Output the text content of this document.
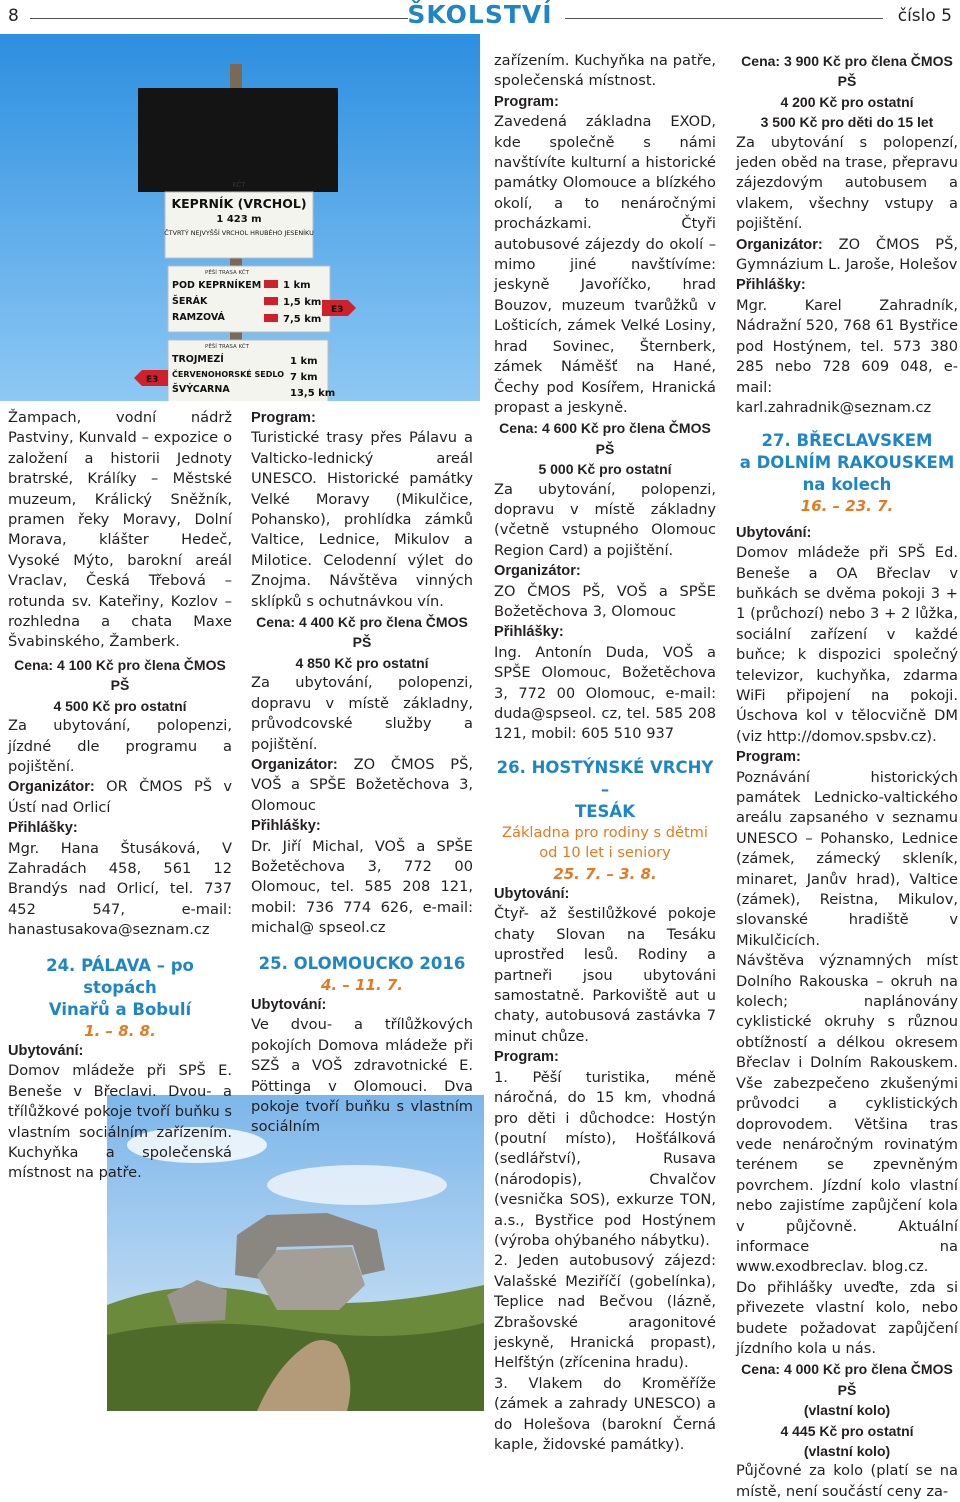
8	ŠKOLSTVÍ	číslo 5
KČT
KEPRNÍK (VRCHOL)
1 423 m
ČTVRTÝ NEJVYŠŠÍ VRCHOL HRUBÉHO JESENÍKU
PĚŠÍ TRASA KČT
POD KEPRNÍKEM
ŠERÁK
RAMZOVÁ
1 km
1,5 km
7,5 km
E3
PĚŠÍ TRASA KČT
TROJMEZÍ
ČERVENOHORSKÉ SEDLO
ŠVÝCARNA
1 km
7 km
13,5 km
E3

Žampach, vodní nádrž Pastviny, Kunvald – expozice o založení a historii Jednoty bratrské, Králíky – Městské muzeum, Králický Sněžník, pramen řeky Moravy, Dolní Morava, klášter Hedeč, Vysoké Mýto, barokní areál Vraclav, Česká Třebová – rotunda sv. Kateřiny, Kozlov – rozhledna a chata Maxe Švabinského, Žamberk.

Cena: 4 100 Kč pro člena ČMOS PŠ

4 500 Kč pro ostatní

Za ubytování, polopenzi, jízdné dle programu a pojištění.

Organizátor: OR ČMOS PŠ v Ústí nad Orlicí

Přihlášky:

Mgr. Hana Štusáková, V Zahradách 458, 561 12 Brandýs nad Orlicí, tel. 737 452 547, e-mail: hanastusakova@seznam.cz

24. PÁLAVA – po stopách

Vinařů a Bobulí

1. – 8. 8.

Ubytování:

Domov mládeže při SPŠ E. Beneše v Břeclavi. Dvou- a třílůžkové pokoje tvoří buňku s vlastním sociálním zařízením. Kuchyňka a společenská místnost na patře.

Program:

Turistické trasy přes Pálavu a Valticko-lednický areál UNESCO. Historické památky Velké Moravy (Mikulčice, Pohansko), prohlídka zámků Valtice, Lednice, Mikulov a Milotice. Celodenní výlet do Znojma. Návštěva vinných sklípků s ochutnávkou vín.

Cena: 4 400 Kč pro člena ČMOS PŠ

4 850 Kč pro ostatní

Za ubytování, polopenzi, dopravu v místě základny, průvodcovské služby a pojištění.

Organizátor: ZO ČMOS PŠ, VOŠ a SPŠE Božetěchova 3, Olomouc

Přihlášky:

Dr. Jiří Michal, VOŠ a SPŠE Božetěchova 3, 772 00 Olomouc, tel. 585 208 121, mobil: 736 774 626, e-mail: michal@ spseol.cz

25. OLOMOUCKO 2016

4. – 11. 7.

Ubytování:

Ve dvou- a třílůžkových pokojích Domova mládeže při SZŠ a VOŠ zdravotnické E. Pöttinga v Olomouci. Dva pokoje tvoří buňku s vlastním sociálním

zařízením. Kuchyňka na patře, společenská místnost.

Program:

Zavedená základna EXOD, kde společně s námi navštívíte kulturní a historické památky Olomouce a blízkého okolí, a to nenáročnými procházkami. Čtyři autobusové zájezdy do okolí – mimo jiné navštívíme: jeskyně Javoříčko, hrad Bouzov, muzeum tvarůžků v Lošticích, zámek Velké Losiny, hrad Sovinec, Šternberk, zámek Náměšť na Hané, Čechy pod Kosířem, Hranická propast a jeskyně.

Cena: 4 600 Kč pro člena ČMOS PŠ

5 000 Kč pro ostatní

Za ubytování, polopenzi, dopravu v místě základny (včetně vstupného Olomouc Region Card) a pojištění.

Organizátor:

ZO ČMOS PŠ, VOŠ a SPŠE Božetěchova 3, Olomouc

Přihlášky:

Ing. Antonín Duda, VOŠ a SPŠE Olomouc, Božetěchova 3, 772 00 Olomouc, e-mail: duda@spseol. cz, tel. 585 208 121, mobil: 605 510 937

26. HOSTÝNSKÉ VRCHY –

TESÁK

Základna pro rodiny s dětmi

od 10 let i seniory

25. 7. – 3. 8.

Ubytování:

Čtyř- až šestilůžkové pokoje chaty Slovan na Tesáku uprostřed lesů. Rodiny a partneři jsou ubytováni samostatně. Parkoviště aut u chaty, autobusová zastávka 7 minut chůze.

Program:

1. Pěší turistika, méně náročná, do 15 km, vhodná pro děti i důchodce: Hostýn (poutní místo), Hošťálková (sedlářství), Rusava (národopis), Chvalčov (vesnička SOS), exkurze TON, a.s., Bystřice pod Hostýnem (výroba ohýbaného nábytku).

2. Jeden autobusový zájezd: Valašské Meziříčí (gobelínka), Teplice nad Bečvou (lázně, Zbrašovské aragonitové jeskyně, Hranická propast), Helfštýn (zřícenina hradu).

3. Vlakem do Kroměříže (zámek a zahrady UNESCO) a do Holešova (barokní Černá kaple, židovské památky).

Cena: 3 900 Kč pro člena ČMOS PŠ

4 200 Kč pro ostatní

3 500 Kč pro děti do 15 let

Za ubytování s polopenzí, jeden oběd na trase, přepravu zájezdovým autobusem a vlakem, všechny vstupy a pojištění.

Organizátor: ZO ČMOS PŠ, Gymnázium L. Jaroše, Holešov

Přihlášky:

Mgr. Karel Zahradník, Nádražní 520, 768 61 Bystřice pod Hostýnem, tel. 573 380 285 nebo 728 609 048, e-mail: karl.zahradnik@seznam.cz

27. BŘECLAVSKEM

a DOLNÍM RAKOUSKEM

na kolech

16. – 23. 7.

Ubytování:

Domov mládeže při SPŠ Ed. Beneše a OA Břeclav v buňkách se dvěma pokoji 3 + 1 (průchozí) nebo 3 + 2 lůžka, sociální zařízení v každé buňce; k dispozici společný televizor, kuchyňka, zdarma WiFi připojení na pokoji. Úschova kol v tělocvičně DM (viz http://domov.spsbv.cz).

Program:

Poznávání historických památek Lednicko-valtického areálu zapsaného v seznamu UNESCO – Pohansko, Lednice (zámek, zámecký skleník, minaret, Janův hrad), Valtice (zámek), Reistna, Mikulov, slovanské hradiště v Mikulčicích.

Návštěva významných míst Dolního Rakouska – okruh na kolech; naplánovány cyklistické okruhy s různou obtížností a délkou okresem Břeclav i Dolním Rakouskem. Vše zabezpečeno zkušenými průvodci a cyklistických doprovodem. Většina tras vede nenáročným rovinatým terénem se zpevněným povrchem. Jízdní kolo vlastní nebo zajistíme zapůjčení kola v půjčovně. Aktuální informace na www.exodbreclav. blog.cz.

Do přihlášky uveďte, zda si přivezete vlastní kolo, nebo budete požadovat zapůjčení jízdního kola u nás.

Cena: 4 000 Kč pro člena ČMOS PŠ

(vlastní kolo)

4 445 Kč pro ostatní

(vlastní kolo)

Půjčovné za kolo (platí se na místě, není součástí ceny za-
